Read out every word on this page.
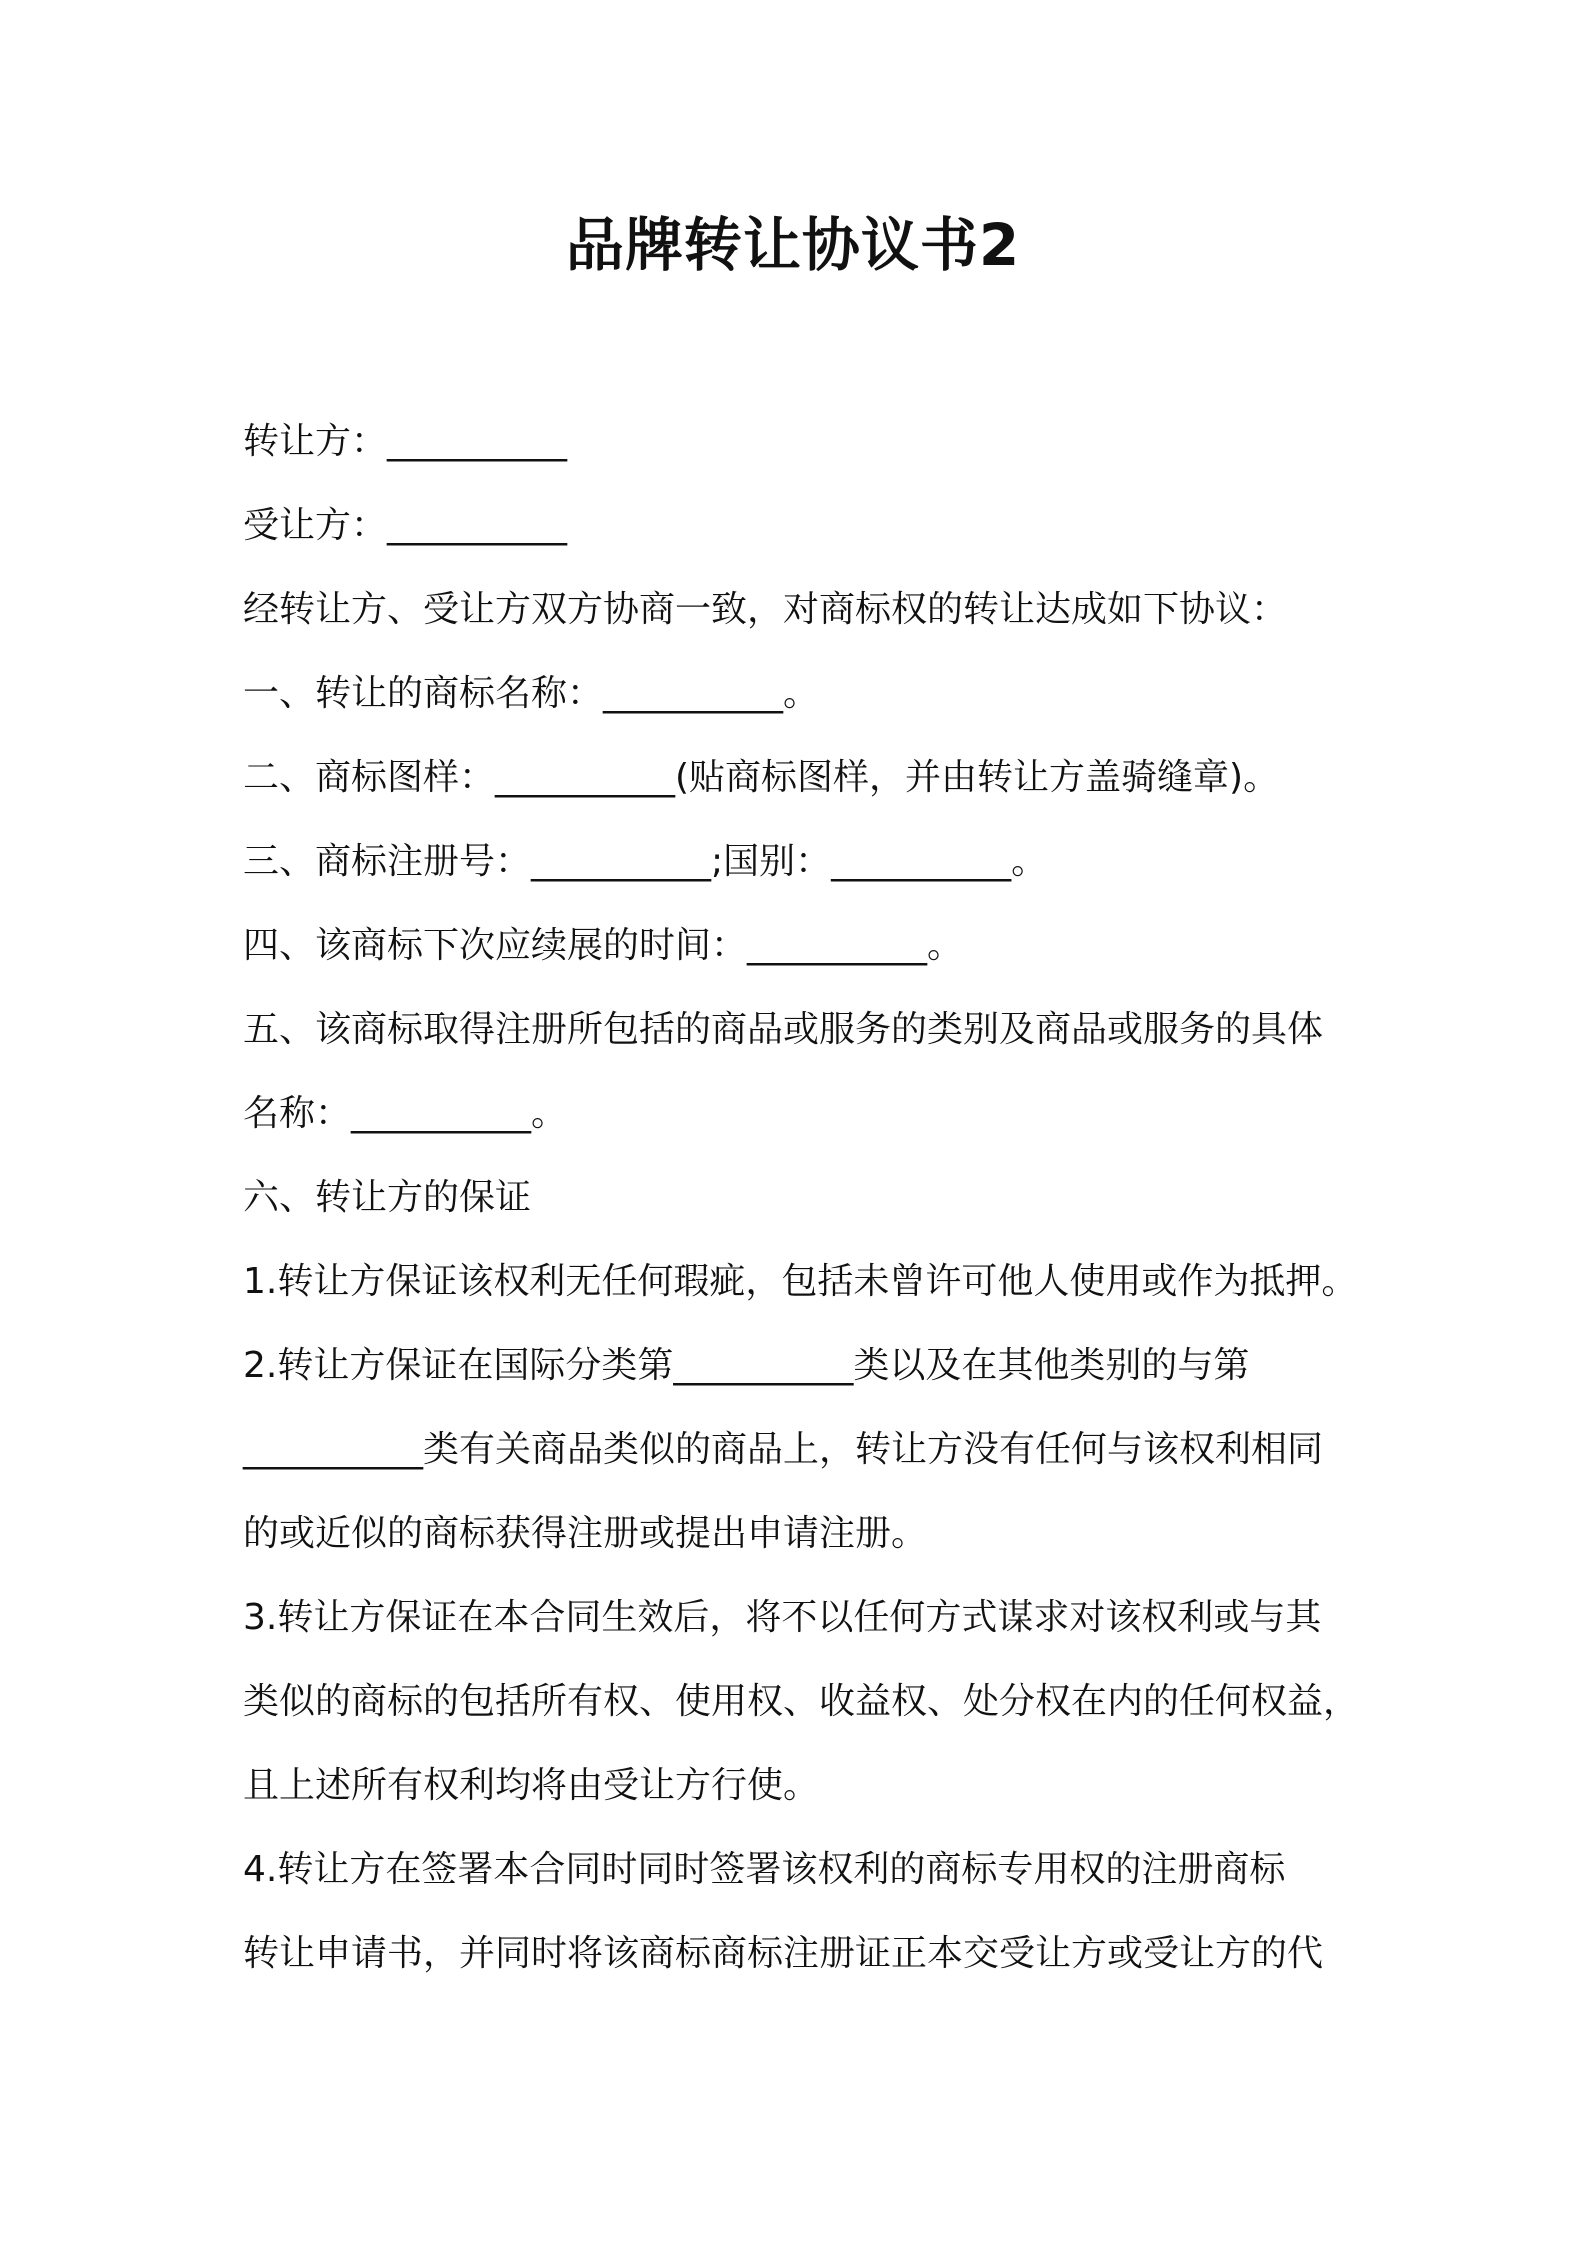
品牌转让协议书2

转让方：__________

受让方：__________

经转让方、受让方双方协商一致，对商标权的转让达成如下协议：

一、转让的商标名称：__________。

二、商标图样：__________(贴商标图样，并由转让方盖骑缝章)。

三、商标注册号：__________;国别：__________。

四、该商标下次应续展的时间：__________。

五、该商标取得注册所包括的商品或服务的类别及商品或服务的具体

名称：__________。

六、转让方的保证

1.转让方保证该权利无任何瑕疵，包括未曾许可他人使用或作为抵押。

2.转让方保证在国际分类第__________类以及在其他类别的与第

__________类有关商品类似的商品上，转让方没有任何与该权利相同

的或近似的商标获得注册或提出申请注册。

3.转让方保证在本合同生效后，将不以任何方式谋求对该权利或与其

类似的商标的包括所有权、使用权、收益权、处分权在内的任何权益，

且上述所有权利均将由受让方行使。

4.转让方在签署本合同时同时签署该权利的商标专用权的注册商标

转让申请书，并同时将该商标商标注册证正本交受让方或受让方的代
